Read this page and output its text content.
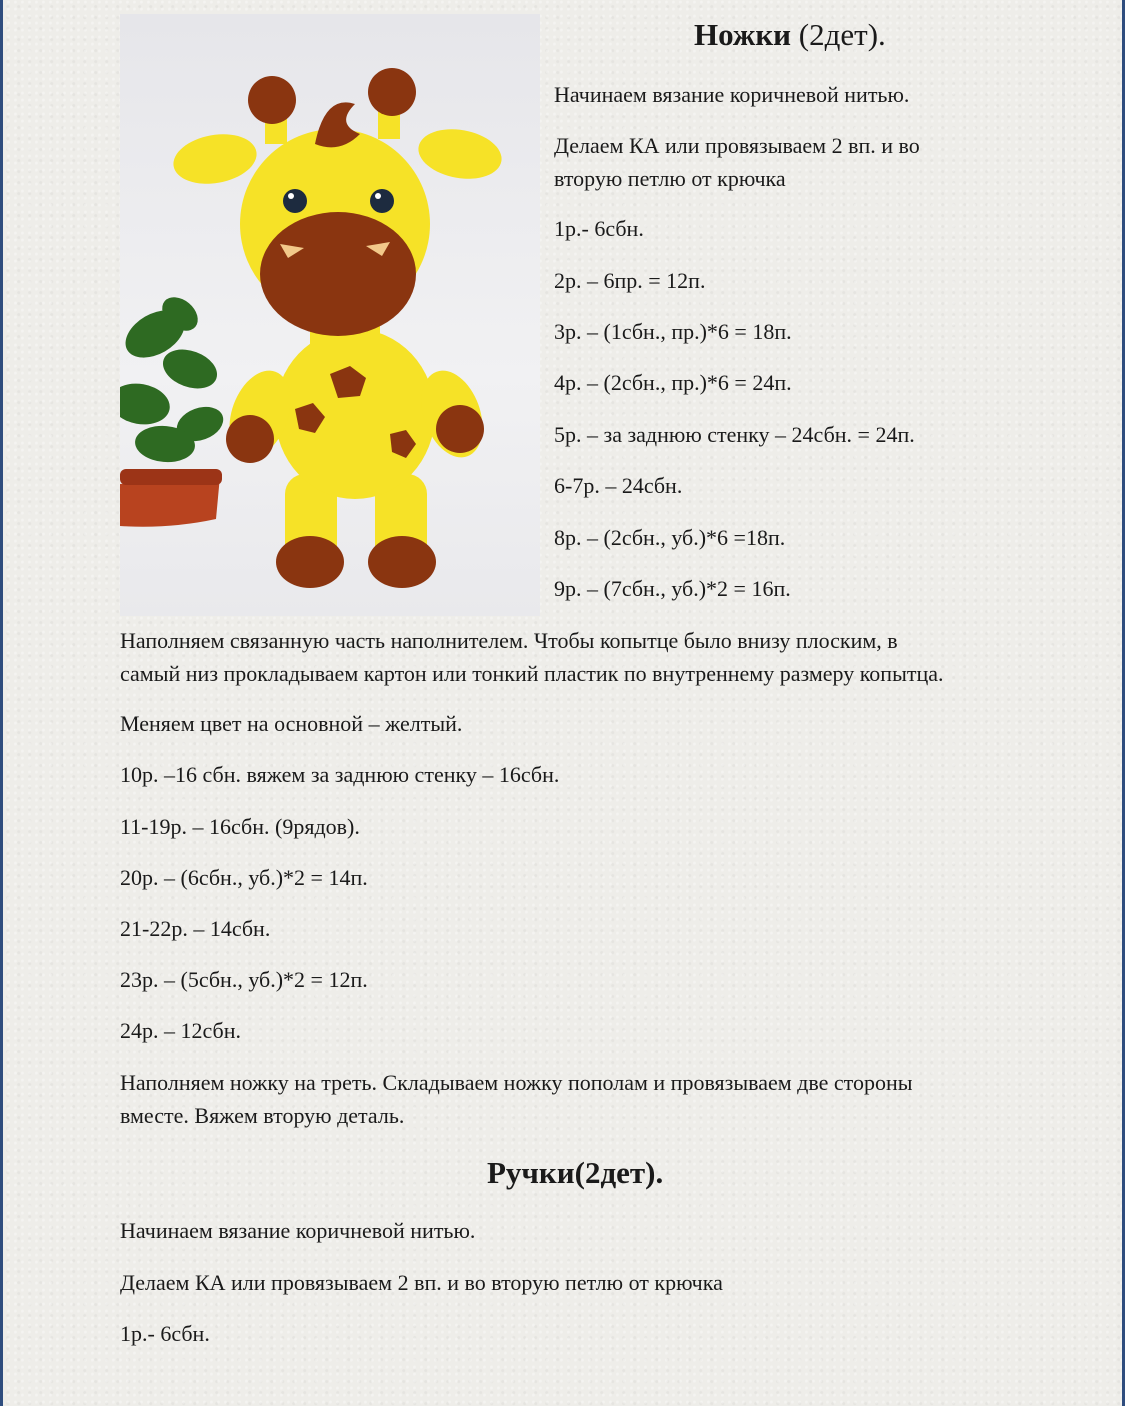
Ножки (2дет).

Начинаем вязание коричневой нитью.

Делаем КА или провязываем 2 вп. и во

вторую петлю от крючка

1р.- 6сбн.

2р. – 6пр. = 12п.

3р. – (1сбн., пр.)*6 = 18п.

4р. – (2сбн., пр.)*6 = 24п.

5р. – за заднюю стенку – 24сбн. = 24п.

6-7р. – 24сбн.

8р. – (2сбн., уб.)*6 =18п.

9р. – (7сбн., уб.)*2 = 16п.

Наполняем связанную часть наполнителем. Чтобы копытце было внизу плоским, в

самый низ прокладываем картон или тонкий пластик по внутреннему размеру копытца.

Меняем цвет на основной – желтый.

10р. –16 сбн. вяжем за заднюю стенку – 16сбн.

11-19р. – 16сбн. (9рядов).

20р. – (6сбн., уб.)*2 = 14п.

21-22р. – 14сбн.

23р. – (5сбн., уб.)*2 = 12п.

24р. – 12сбн.

Наполняем ножку на треть. Складываем ножку пополам и провязываем две стороны

вместе. Вяжем вторую деталь.

Ручки(2дет).

Начинаем вязание коричневой нитью.

Делаем КА или провязываем 2 вп. и во вторую петлю от крючка

1р.- 6сбн.
